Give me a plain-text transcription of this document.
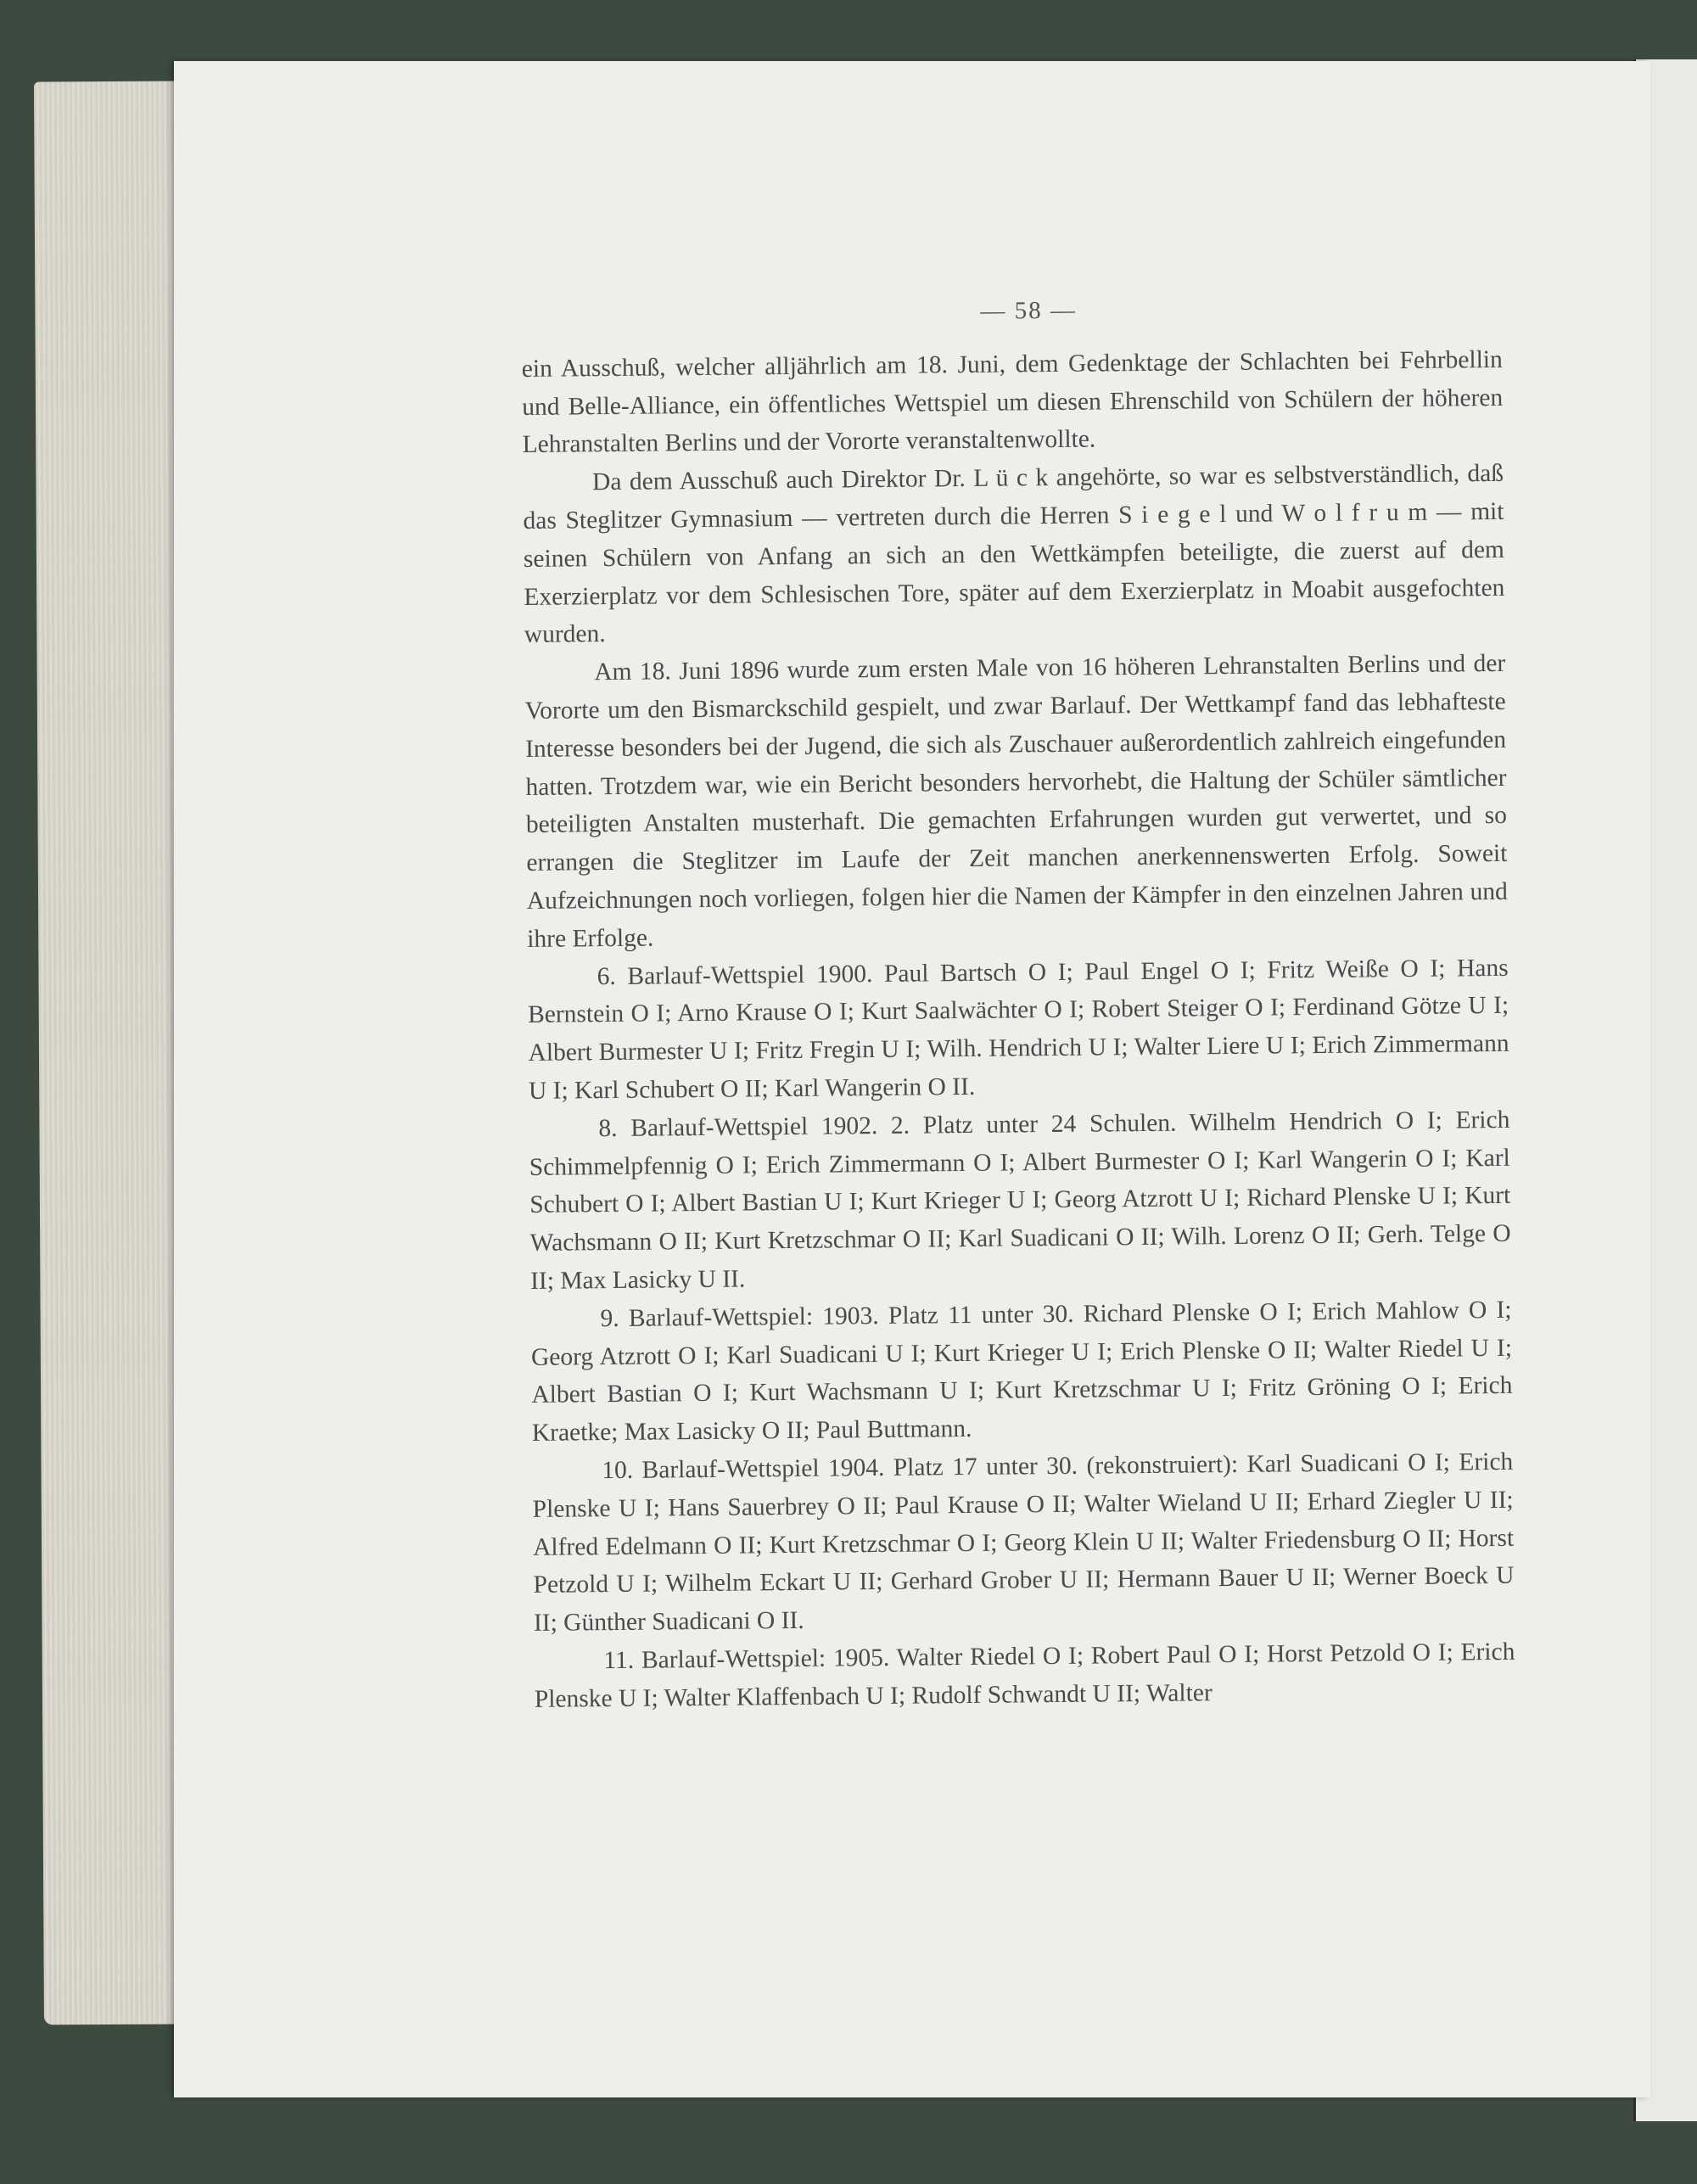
— 58 —

ein Ausschuß, welcher alljährlich am 18. Juni, dem Gedenktage der Schlachten bei Fehrbellin und Belle-Alliance, ein öffentliches Wettspiel um diesen Ehrenschild von Schülern der höheren Lehranstalten Berlins und der Vororte veranstaltenwollte.

Da dem Ausschuß auch Direktor Dr. L ü c k angehörte, so war es selbstverständlich, daß das Steglitzer Gymnasium — vertreten durch die Herren S i e g e l und W o l f r u m — mit seinen Schülern von Anfang an sich an den Wettkämpfen beteiligte, die zuerst auf dem Exerzierplatz vor dem Schlesischen Tore, später auf dem Exerzierplatz in Moabit ausgefochten wurden.

Am 18. Juni 1896 wurde zum ersten Male von 16 höheren Lehranstalten Berlins und der Vororte um den Bismarckschild gespielt, und zwar Barlauf. Der Wettkampf fand das lebhafteste Interesse besonders bei der Jugend, die sich als Zuschauer außerordentlich zahlreich eingefunden hatten. Trotzdem war, wie ein Bericht besonders hervorhebt, die Haltung der Schüler sämtlicher beteiligten Anstalten musterhaft. Die gemachten Erfahrungen wurden gut verwertet, und so errangen die Steglitzer im Laufe der Zeit manchen anerkennenswerten Erfolg. Soweit Aufzeichnungen noch vorliegen, folgen hier die Namen der Kämpfer in den einzelnen Jahren und ihre Erfolge.

6. Barlauf-Wettspiel 1900. Paul Bartsch O I; Paul Engel O I; Fritz Weiße O I; Hans Bernstein O I; Arno Krause O I; Kurt Saalwächter O I; Robert Steiger O I; Ferdinand Götze U I; Albert Burmester U I; Fritz Fregin U I; Wilh. Hendrich U I; Walter Liere U I; Erich Zimmermann U I; Karl Schubert O II; Karl Wangerin O II.

8. Barlauf-Wettspiel 1902. 2. Platz unter 24 Schulen. Wilhelm Hendrich O I; Erich Schimmelpfennig O I; Erich Zimmermann O I; Albert Burmester O I; Karl Wangerin O I; Karl Schubert O I; Albert Bastian U I; Kurt Krieger U I; Georg Atzrott U I; Richard Plenske U I; Kurt Wachsmann O II; Kurt Kretzschmar O II; Karl Suadicani O II; Wilh. Lorenz O II; Gerh. Telge O II; Max Lasicky U II.

9. Barlauf-Wettspiel: 1903. Platz 11 unter 30. Richard Plenske O I; Erich Mahlow O I; Georg Atzrott O I; Karl Suadicani U I; Kurt Krieger U I; Erich Plenske O II; Walter Riedel U I; Albert Bastian O I; Kurt Wachsmann U I; Kurt Kretzschmar U I; Fritz Gröning O I; Erich Kraetke; Max Lasicky O II; Paul Buttmann.

10. Barlauf-Wettspiel 1904. Platz 17 unter 30. (rekonstruiert): Karl Suadicani O I; Erich Plenske U I; Hans Sauerbrey O II; Paul Krause O II; Walter Wieland U II; Erhard Ziegler U II; Alfred Edelmann O II; Kurt Kretzschmar O I; Georg Klein U II; Walter Friedensburg O II; Horst Petzold U I; Wilhelm Eckart U II; Gerhard Grober U II; Hermann Bauer U II; Werner Boeck U II; Günther Suadicani O II.

11. Barlauf-Wettspiel: 1905. Walter Riedel O I; Robert Paul O I; Horst Petzold O I; Erich Plenske U I; Walter Klaffenbach U I; Rudolf Schwandt U II; Walter
